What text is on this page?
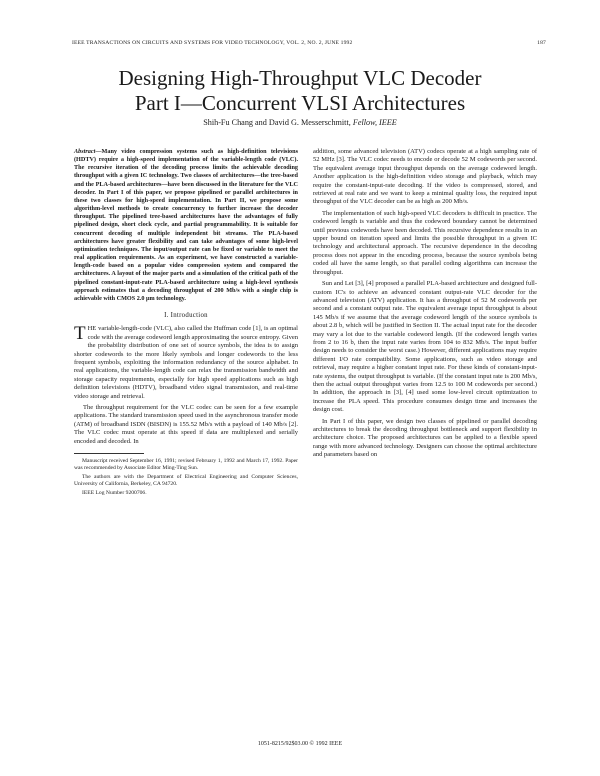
IEEE TRANSACTIONS ON CIRCUITS AND SYSTEMS FOR VIDEO TECHNOLOGY, VOL. 2, NO. 2, JUNE 1992	187
Designing High-Throughput VLC Decoder
Part I—Concurrent VLSI Architectures
Shih-Fu Chang and David G. Messerschmitt, Fellow, IEEE

Abstract—Many video compression systems such as high-definition televisions (HDTV) require a high-speed implementation of the variable-length code (VLC). The recursive iteration of the decoding process limits the achievable decoding throughput with a given IC technology. Two classes of architectures—the tree-based and the PLA-based architectures—have been discussed in the literature for the VLC decoder. In Part I of this paper, we propose pipelined or parallel architectures in these two classes for high-speed implementation. In Part II, we propose some algorithm-level methods to create concurrency to further increase the decoder throughput. The pipelined tree-based architectures have the advantages of fully pipelined design, short clock cycle, and partial programmability. It is suitable for concurrent decoding of multiple independent bit streams. The PLA-based architectures have greater flexibility and can take advantages of some high-level optimization techniques. The input/output rate can be fixed or variable to meet the real application requirements. As an experiment, we have constructed a variable-length-code based on a popular video compression system and compared the architectures. A layout of the major parts and a simulation of the critical path of the pipelined constant-input-rate PLA-based architecture using a high-level synthesis approach estimates that a decoding throughput of 200 Mb/s with a single chip is achievable with CMOS 2.0 μm technology.

I. Introduction

THE variable-length-code (VLC), also called the Huffman code [1], is an optimal code with the average codeword length approximating the source entropy. Given the probability distribution of one set of source symbols, the idea is to assign shorter codewords to the more likely symbols and longer codewords to the less frequent symbols, exploiting the information redundancy of the source alphabet. In real applications, the variable-length code can relax the transmission bandwidth and storage capacity requirements, especially for high speed applications such as high definition televisions (HDTV), broadband video signal transmission, and real-time video storage and retrieval.

The throughput requirement for the VLC codec can be seen for a few example applications. The standard transmission speed used in the asynchronous transfer mode (ATM) of broadband ISDN (BISDN) is 155.52 Mb/s with a payload of 140 Mb/s [2]. The VLC codec must operate at this speed if data are multiplexed and serially encoded and decoded. In

Manuscript received September 16, 1991; revised February 1, 1992 and March 17, 1992. Paper was recommended by Associate Editor Ming-Ting Sun.

The authors are with the Department of Electrical Engineering and Computer Sciences, University of California, Berkeley, CA 94720.

IEEE Log Number 9200706.

addition, some advanced television (ATV) codecs operate at a high sampling rate of 52 MHz [3]. The VLC codec needs to encode or decode 52 M codewords per second. The equivalent average input throughput depends on the average codeword length. Another application is the high-definition video storage and playback, which may require the constant-input-rate decoding. If the video is compressed, stored, and retrieved at real rate and we want to keep a minimal quality loss, the required input throughput of the VLC decoder can be as high as 200 Mb/s.

The implementation of such high-speed VLC decoders is difficult in practice. The codeword length is variable and thus the codeword boundary cannot be determined until previous codewords have been decoded. This recursive dependence results in an upper bound on iteration speed and limits the possible throughput in a given IC technology and architectural approach. The recursive dependence in the decoding process does not appear in the encoding process, because the source symbols being coded all have the same length, so that parallel coding algorithms can increase the throughput.

Sun and Lei [3], [4] proposed a parallel PLA-based architecture and designed full-custom IC's to achieve an advanced constant output-rate VLC decoder for the advanced television (ATV) application. It has a throughput of 52 M codewords per second and a constant output rate. The equivalent average input throughput is about 145 Mb/s if we assume that the average codeword length of the source symbols is about 2.8 b, which will be justified in Section II. The actual input rate for the decoder may vary a lot due to the variable codeword length. (If the codeword length varies from 2 to 16 b, then the input rate varies from 104 to 832 Mb/s. The input buffer design needs to consider the worst case.) However, different applications may require different I/O rate compatibility. Some applications, such as video storage and retrieval, may require a higher constant input rate. For these kinds of constant-input-rate systems, the output throughput is variable. (If the constant input rate is 200 Mb/s, then the actual output throughput varies from 12.5 to 100 M codewords per second.) In addition, the approach in [3], [4] used some low-level circuit optimization to increase the PLA speed. This procedure consumes design time and increases the design cost.

In Part I of this paper, we design two classes of pipelined or parallel decoding architectures to break the decoding throughput bottleneck and support flexibility in architecture choice. The proposed architectures can be applied to a flexible speed range with more advanced technology. Designers can choose the optimal architecture and parameters based on

1051-8215/92$03.00 © 1992 IEEE
